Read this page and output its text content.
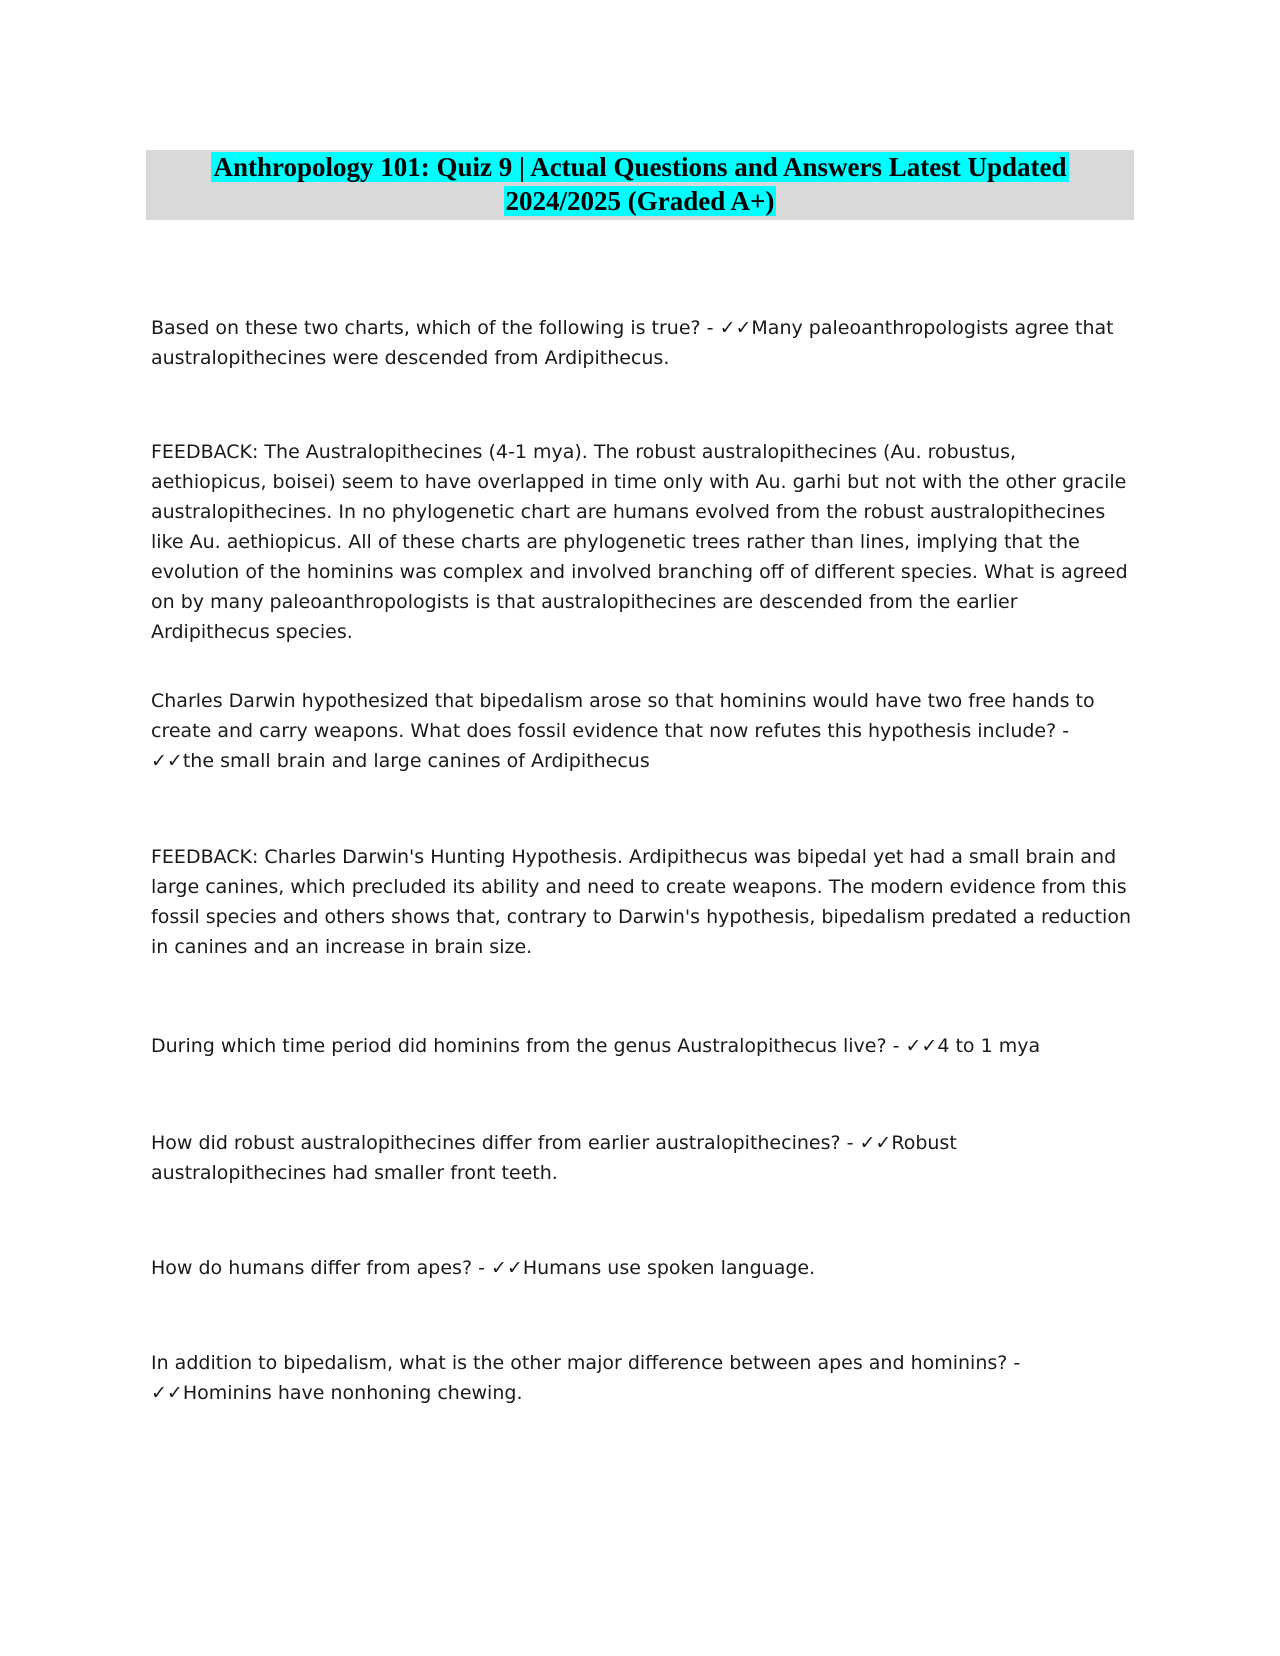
Anthropology 101: Quiz 9 | Actual Questions and Answers Latest Updated
2024/2025 (Graded A+)

Based on these two charts, which of the following is true? - ✓✓Many paleoanthropologists agree that australopithecines were descended from Ardipithecus.

FEEDBACK: The Australopithecines (4-1 mya). The robust australopithecines (Au. robustus, aethiopicus, boisei) seem to have overlapped in time only with Au. garhi but not with the other gracile australopithecines. In no phylogenetic chart are humans evolved from the robust australopithecines like Au. aethiopicus. All of these charts are phylogenetic trees rather than lines, implying that the evolution of the hominins was complex and involved branching off of different species. What is agreed on by many paleoanthropologists is that australopithecines are descended from the earlier Ardipithecus species.

Charles Darwin hypothesized that bipedalism arose so that hominins would have two free hands to create and carry weapons. What does fossil evidence that now refutes this hypothesis include? - ✓✓the small brain and large canines of Ardipithecus

FEEDBACK: Charles Darwin's Hunting Hypothesis. Ardipithecus was bipedal yet had a small brain and large canines, which precluded its ability and need to create weapons. The modern evidence from this fossil species and others shows that, contrary to Darwin's hypothesis, bipedalism predated a reduction in canines and an increase in brain size.

During which time period did hominins from the genus Australopithecus live? - ✓✓4 to 1 mya

How did robust australopithecines differ from earlier australopithecines? - ✓✓Robust australopithecines had smaller front teeth.

How do humans differ from apes? - ✓✓Humans use spoken language.

In addition to bipedalism, what is the other major difference between apes and hominins? - ✓✓Hominins have nonhoning chewing.
